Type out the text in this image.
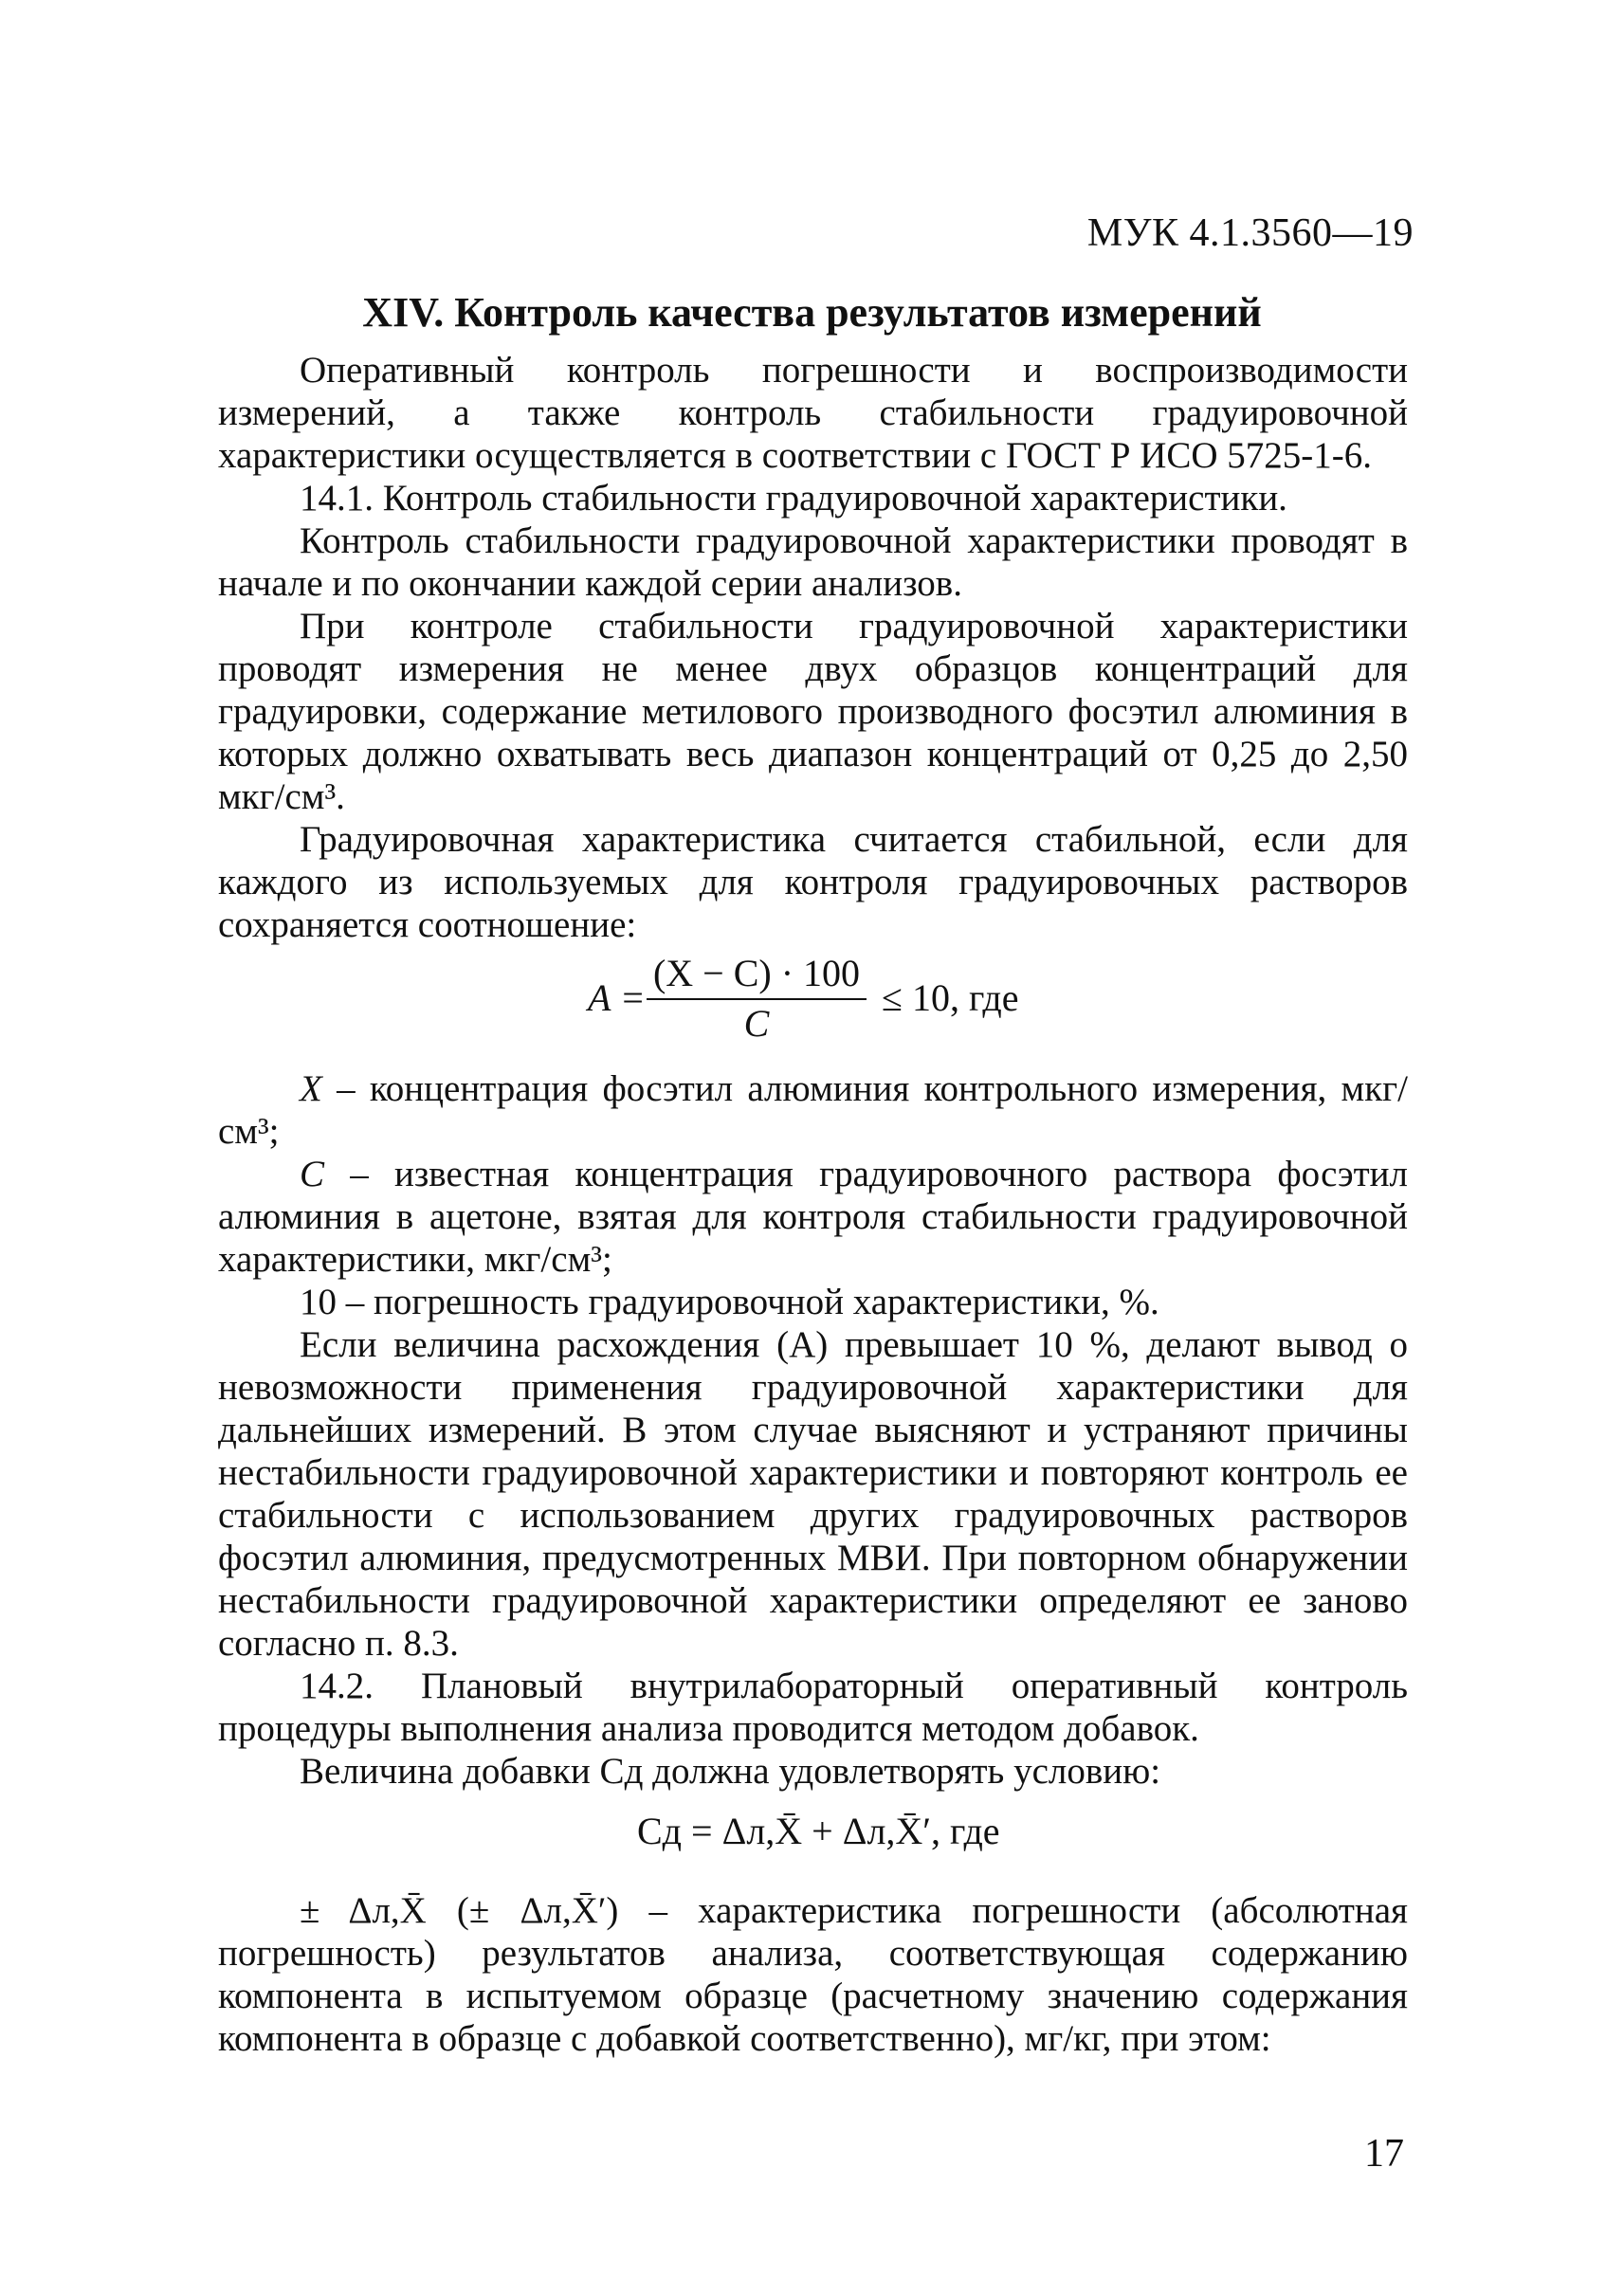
МУК 4.1.3560—19
XIV. Контроль качества результатов измерений

Оперативный контроль погрешности и воспроизводимости измерений, а также контроль стабильности градуировочной характеристики осуществляется в соответствии с ГОСТ Р ИСО 5725-1-6.

14.1. Контроль стабильности градуировочной характеристики.

Контроль стабильности градуировочной характеристики проводят в начале и по окончании каждой серии анализов.

При контроле стабильности градуировочной характеристики проводят измерения не менее двух образцов концентраций для градуировки, содержание метилового производного фосэтил алюминия в которых должно охватывать весь диапазон концентраций от 0,25 до 2,50 мкг/см³.

Градуировочная характеристика считается стабильной, если для каждого из используемых для контроля градуировочных растворов сохраняется соотношение:

A =
(X − C) · 100
C
≤ 10, где

X – концентрация фосэтил алюминия контрольного измерения, мкг/см³;

C – известная концентрация градуировочного раствора фосэтил алюминия в ацетоне, взятая для контроля стабильности градуировочной характеристики, мкг/см³;

10 – погрешность градуировочной характеристики, %.

Если величина расхождения (A) превышает 10 %, делают вывод о невозможности применения градуировочной характеристики для дальнейших измерений. В этом случае выясняют и устраняют причины нестабильности градуировочной характеристики и повторяют контроль ее стабильности с использованием других градуировочных растворов фосэтил алюминия, предусмотренных МВИ. При повторном обнаружении нестабильности градуировочной характеристики определяют ее заново согласно п. 8.3.

14.2. Плановый внутрилабораторный оперативный контроль процедуры выполнения анализа проводится методом добавок.

Величина добавки Cд должна удовлетворять условию:

Cд = Δл,X̄ + Δл,X̄′, где

± Δл,X̄ (± Δл,X̄′) – характеристика погрешности (абсолютная погрешность) результатов анализа, соответствующая содержанию компонента в испытуемом образце (расчетному значению содержания компонента в образце с добавкой соответственно), мг/кг, при этом:

17
